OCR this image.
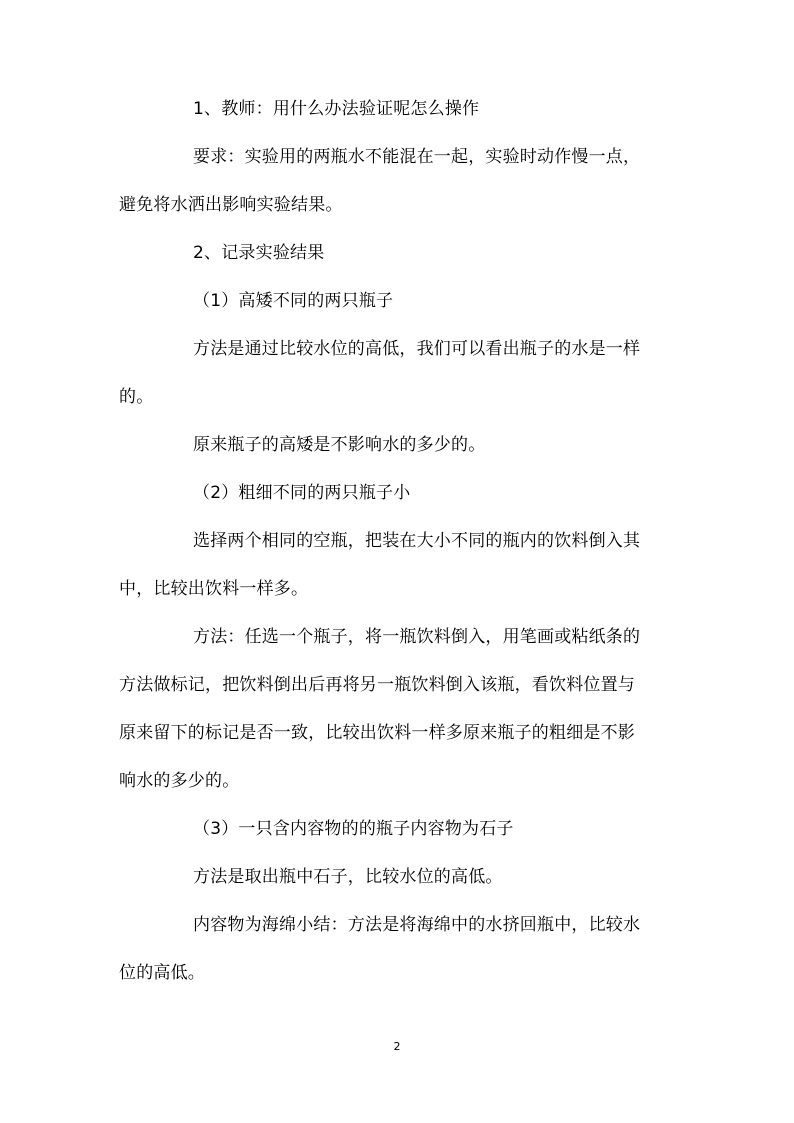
1、教师：用什么办法验证呢怎么操作

要求：实验用的两瓶水不能混在一起，实验时动作慢一点，

避免将水洒出影响实验结果。

2、记录实验结果

（1）高矮不同的两只瓶子

方法是通过比较水位的高低，我们可以看出瓶子的水是一样

的。

原来瓶子的高矮是不影响水的多少的。

（2）粗细不同的两只瓶子小

选择两个相同的空瓶，把装在大小不同的瓶内的饮料倒入其

中，比较出饮料一样多。

方法：任选一个瓶子，将一瓶饮料倒入，用笔画或粘纸条的

方法做标记，把饮料倒出后再将另一瓶饮料倒入该瓶，看饮料位置与

原来留下的标记是否一致，比较出饮料一样多原来瓶子的粗细是不影

响水的多少的。

（3）一只含内容物的的瓶子内容物为石子

方法是取出瓶中石子，比较水位的高低。

内容物为海绵小结：方法是将海绵中的水挤回瓶中，比较水

位的高低。

2
